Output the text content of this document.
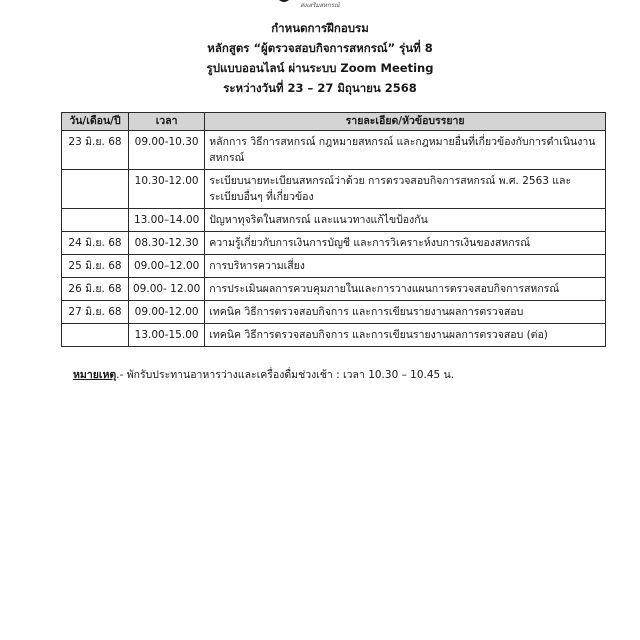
ส่งเสริมสหกรณ์
กำหนดการฝึกอบรม
หลักสูตร “ผู้ตรวจสอบกิจการสหกรณ์” รุ่นที่ 8
รูปแบบออนไลน์ ผ่านระบบ Zoom Meeting
ระหว่างวันที่ 23 – 27 มิถุนายน 2568
วัน/เดือน/ปี	เวลา	รายละเอียด/หัวข้อบรรยาย
23 มิ.ย. 68	09.00-10.30	หลักการ วิธีการสหกรณ์ กฎหมายสหกรณ์ และกฎหมายอื่นที่เกี่ยวข้องกับการดำเนินงานสหกรณ์
	10.30-12.00	ระเบียบนายทะเบียนสหกรณ์ว่าด้วย การตรวจสอบกิจการสหกรณ์ พ.ศ. 2563 และระเบียบอื่นๆ ที่เกี่ยวข้อง
	13.00–14.00	ปัญหาทุจริตในสหกรณ์ และแนวทางแก้ไขป้องกัน
24 มิ.ย. 68	08.30-12.30	ความรู้เกี่ยวกับการเงินการบัญชี และการวิเคราะห์งบการเงินของสหกรณ์
25 มิ.ย. 68	09.00–12.00	การบริหารความเสี่ยง
26 มิ.ย. 68	09.00- 12.00	การประเมินผลการควบคุมภายในและการวางแผนการตรวจสอบกิจการสหกรณ์
27 มิ.ย. 68	09.00-12.00	เทคนิค วิธีการตรวจสอบกิจการ และการเขียนรายงานผลการตรวจสอบ
	13.00-15.00	เทคนิค วิธีการตรวจสอบกิจการ และการเขียนรายงานผลการตรวจสอบ (ต่อ)
หมายเหตุ.- พักรับประทานอาหารว่างและเครื่องดื่มช่วงเช้า : เวลา 10.30 – 10.45 น.
